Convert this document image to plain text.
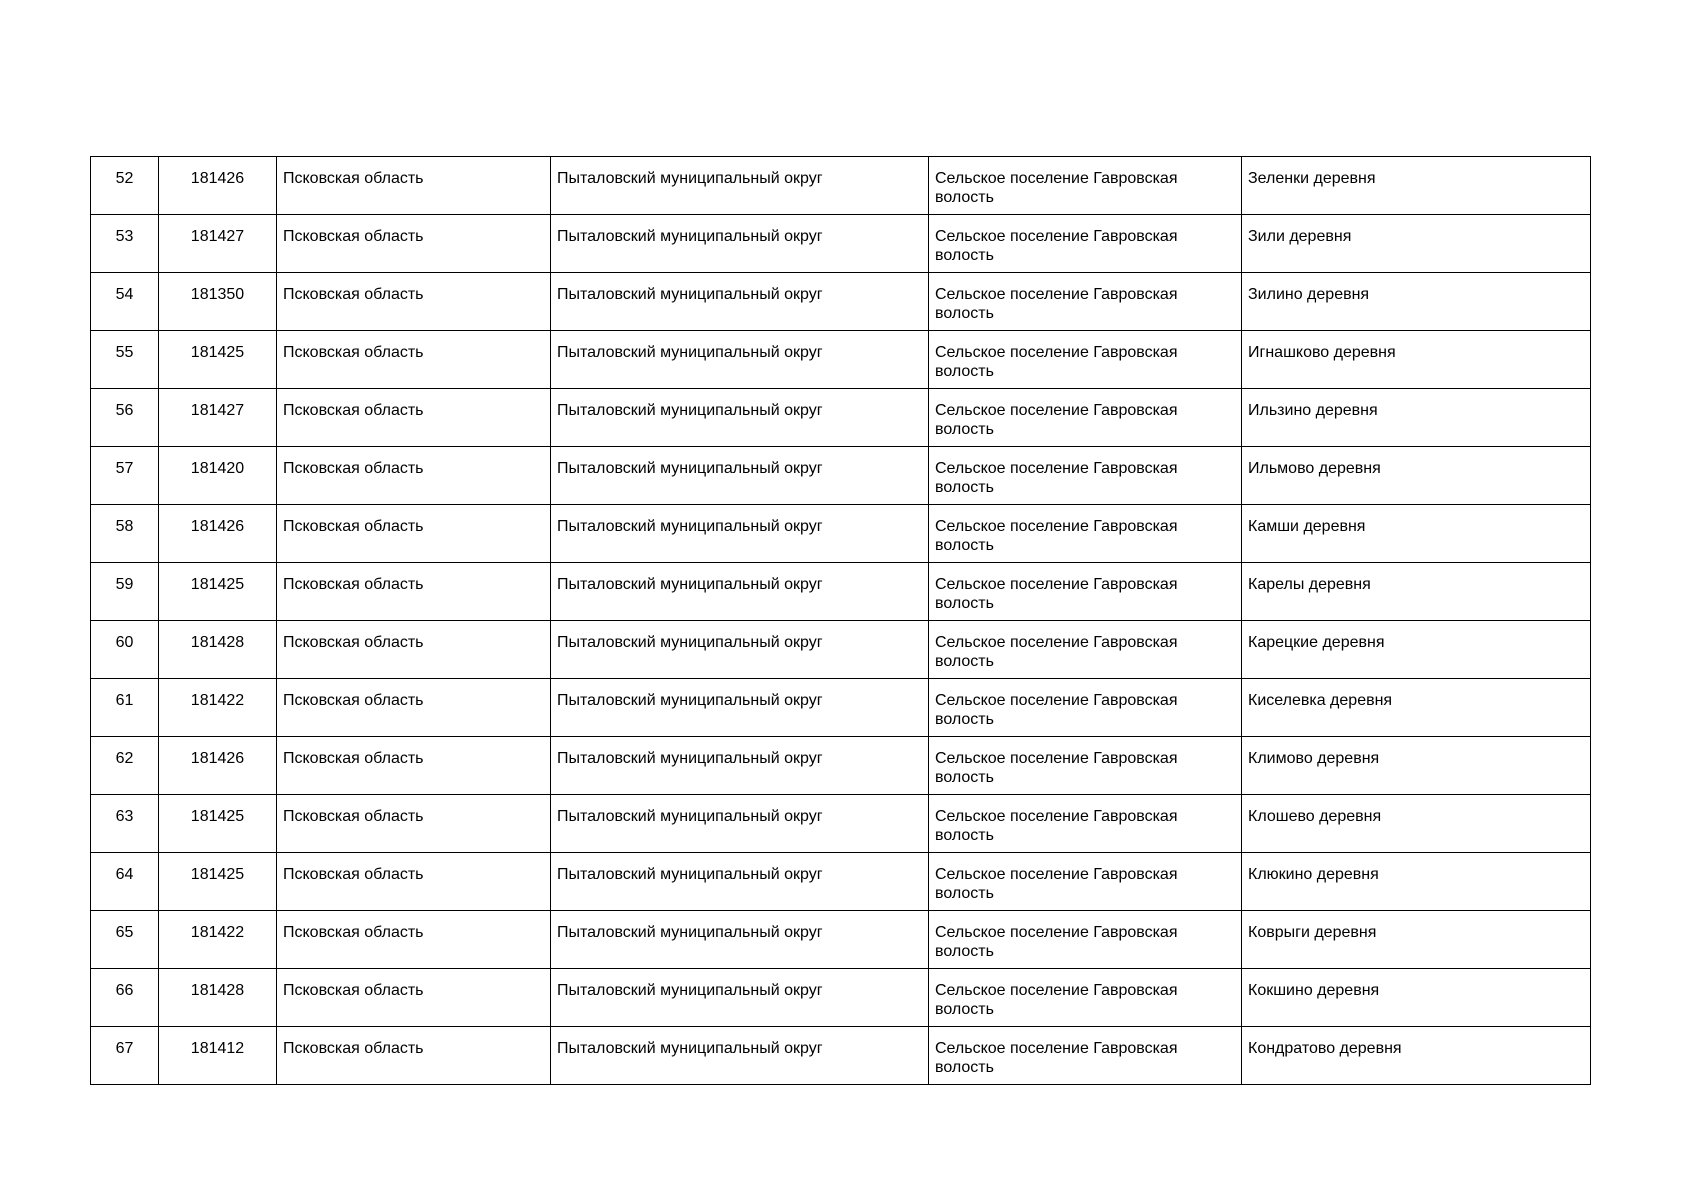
52	181426	Псковская область	Пыталовский муниципальный округ	Сельское поселение Гавровская волость	Зеленки деревня
53	181427	Псковская область	Пыталовский муниципальный округ	Сельское поселение Гавровская волость	Зили деревня
54	181350	Псковская область	Пыталовский муниципальный округ	Сельское поселение Гавровская волость	Зилино деревня
55	181425	Псковская область	Пыталовский муниципальный округ	Сельское поселение Гавровская волость	Игнашково деревня
56	181427	Псковская область	Пыталовский муниципальный округ	Сельское поселение Гавровская волость	Ильзино деревня
57	181420	Псковская область	Пыталовский муниципальный округ	Сельское поселение Гавровская волость	Ильмово деревня
58	181426	Псковская область	Пыталовский муниципальный округ	Сельское поселение Гавровская волость	Камши деревня
59	181425	Псковская область	Пыталовский муниципальный округ	Сельское поселение Гавровская волость	Карелы деревня
60	181428	Псковская область	Пыталовский муниципальный округ	Сельское поселение Гавровская волость	Карецкие деревня
61	181422	Псковская область	Пыталовский муниципальный округ	Сельское поселение Гавровская волость	Киселевка деревня
62	181426	Псковская область	Пыталовский муниципальный округ	Сельское поселение Гавровская волость	Климово деревня
63	181425	Псковская область	Пыталовский муниципальный округ	Сельское поселение Гавровская волость	Клошево деревня
64	181425	Псковская область	Пыталовский муниципальный округ	Сельское поселение Гавровская волость	Клюкино деревня
65	181422	Псковская область	Пыталовский муниципальный округ	Сельское поселение Гавровская волость	Коврыги деревня
66	181428	Псковская область	Пыталовский муниципальный округ	Сельское поселение Гавровская волость	Кокшино деревня
67	181412	Псковская область	Пыталовский муниципальный округ	Сельское поселение Гавровская волость	Кондратово деревня
